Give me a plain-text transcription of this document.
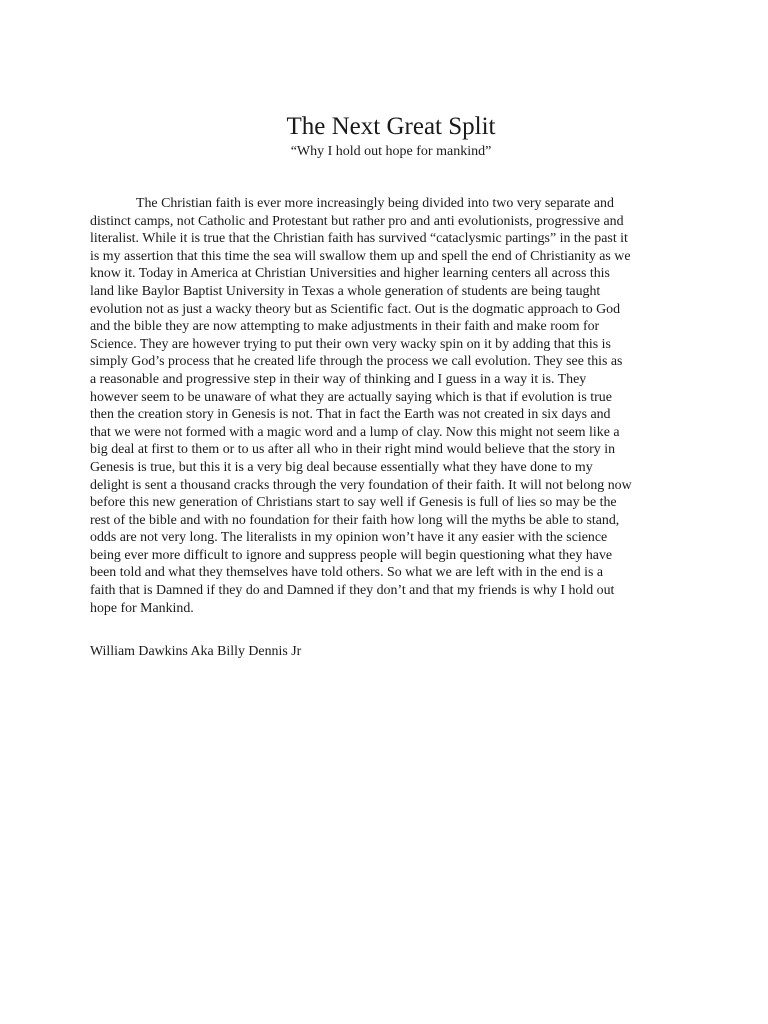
The Next Great Split

“Why I hold out hope for mankind”

The Christian faith is ever more increasingly being divided into two very separate and
distinct camps, not Catholic and Protestant but rather pro and anti evolutionists, progressive and
literalist. While it is true that the Christian faith has survived “cataclysmic partings” in the past it
is my assertion that this time the sea will swallow them up and spell the end of Christianity as we
know it. Today in America at Christian Universities and higher learning centers all across this
land like Baylor Baptist University in Texas a whole generation of students are being taught
evolution not as just a wacky theory but as Scientific fact. Out is the dogmatic approach to God
and the bible they are now attempting to make adjustments in their faith and make room for
Science. They are however trying to put their own very wacky spin on it by adding that this is
simply God’s process that he created life through the process we call evolution. They see this as
a reasonable and progressive step in their way of thinking and I guess in a way it is. They
however seem to be unaware of what they are actually saying which is that if evolution is true
then the creation story in Genesis is not. That in fact the Earth was not created in six days and
that we were not formed with a magic word and a lump of clay. Now this might not seem like a
big deal at first to them or to us after all who in their right mind would believe that the story in
Genesis is true, but this it is a very big deal because essentially what they have done to my
delight is sent a thousand cracks through the very foundation of their faith. It will not belong now
before this new generation of Christians start to say well if Genesis is full of lies so may be the
rest of the bible and with no foundation for their faith how long will the myths be able to stand,
odds are not very long. The literalists in my opinion won’t have it any easier with the science
being ever more difficult to ignore and suppress people will begin questioning what they have
been told and what they themselves have told others. So what we are left with in the end is a
faith that is Damned if they do and Damned if they don’t and that my friends is why I hold out
hope for Mankind.

William Dawkins Aka Billy Dennis Jr
